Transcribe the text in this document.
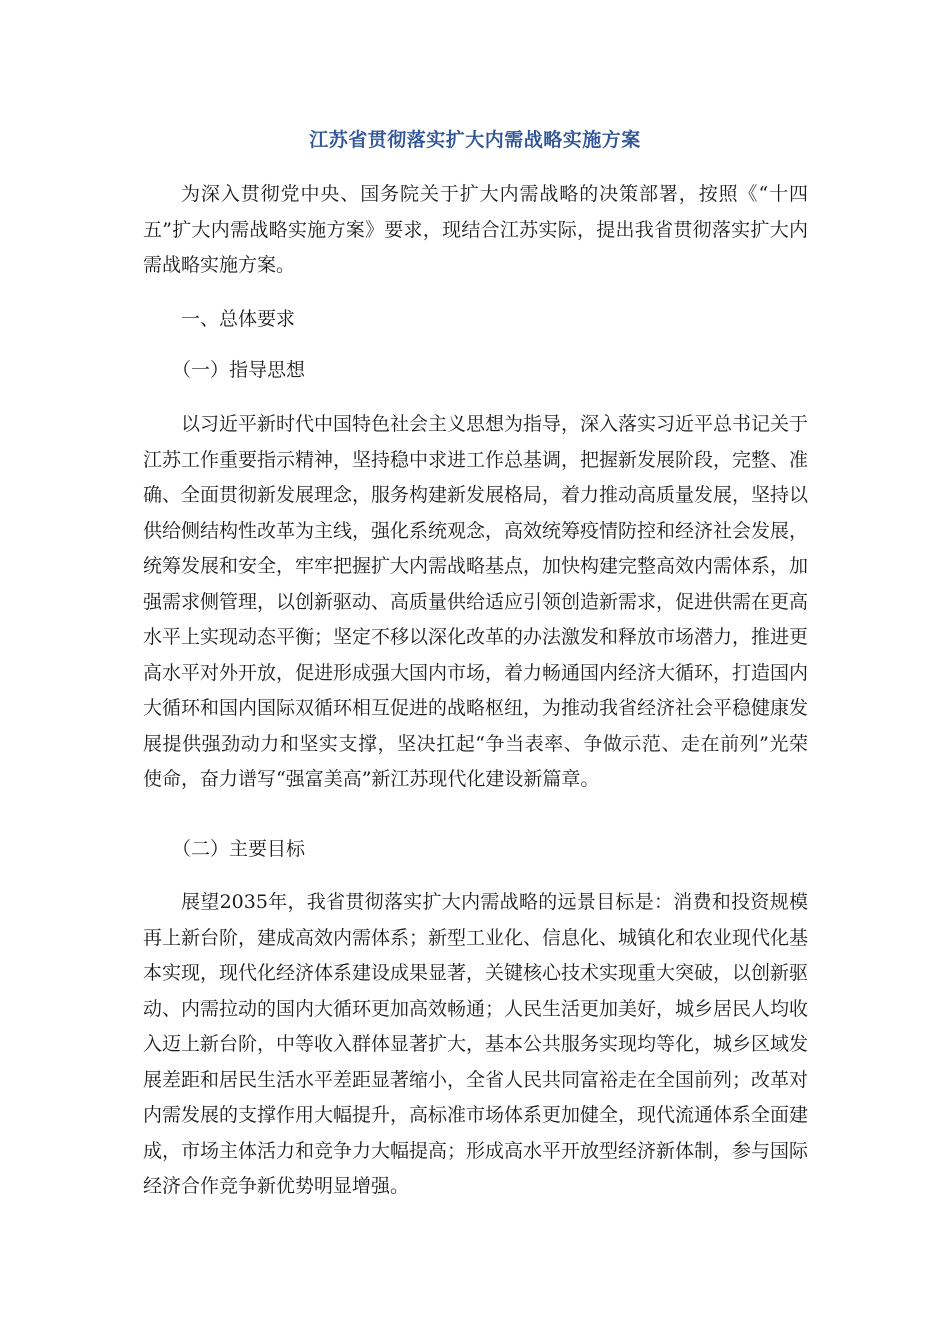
江苏省贯彻落实扩大内需战略实施方案

为深入贯彻党中央、国务院关于扩大内需战略的决策部署，按照《“十四五”扩大内需战略实施方案》要求，现结合江苏实际，提出我省贯彻落实扩大内需战略实施方案。

一、总体要求

（一）指导思想

以习近平新时代中国特色社会主义思想为指导，深入落实习近平总书记关于江苏工作重要指示精神，坚持稳中求进工作总基调，把握新发展阶段，完整、准确、全面贯彻新发展理念，服务构建新发展格局，着力推动高质量发展，坚持以供给侧结构性改革为主线，强化系统观念，高效统筹疫情防控和经济社会发展，统筹发展和安全，牢牢把握扩大内需战略基点，加快构建完整高效内需体系，加强需求侧管理，以创新驱动、高质量供给适应引领创造新需求，促进供需在更高水平上实现动态平衡；坚定不移以深化改革的办法激发和释放市场潜力，推进更高水平对外开放，促进形成强大国内市场，着力畅通国内经济大循环，打造国内大循环和国内国际双循环相互促进的战略枢纽，为推动我省经济社会平稳健康发展提供强劲动力和坚实支撑，坚决扛起“争当表率、争做示范、走在前列”光荣使命，奋力谱写“强富美高”新江苏现代化建设新篇章。

（二）主要目标

展望2035年，我省贯彻落实扩大内需战略的远景目标是：消费和投资规模再上新台阶，建成高效内需体系；新型工业化、信息化、城镇化和农业现代化基本实现，现代化经济体系建设成果显著，关键核心技术实现重大突破，以创新驱动、内需拉动的国内大循环更加高效畅通；人民生活更加美好，城乡居民人均收入迈上新台阶，中等收入群体显著扩大，基本公共服务实现均等化，城乡区域发展差距和居民生活水平差距显著缩小，全省人民共同富裕走在全国前列；改革对内需发展的支撑作用大幅提升，高标准市场体系更加健全，现代流通体系全面建成，市场主体活力和竞争力大幅提高；形成高水平开放型经济新体制，参与国际经济合作竞争新优势明显增强。
